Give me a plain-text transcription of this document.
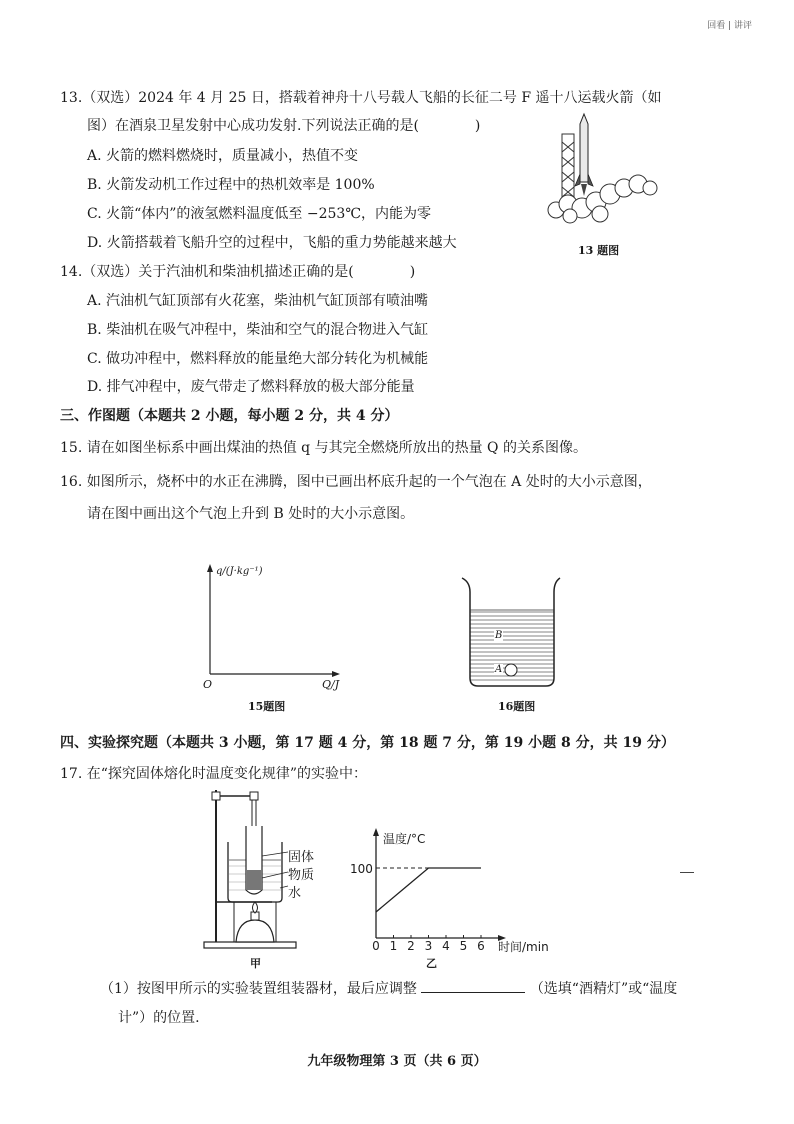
回看 | 讲评
13.（双选）2024 年 4 月 25 日，搭载着神舟十八号载人飞船的长征二号 F 遥十八运载火箭（如
图）在酒泉卫星发射中心成功发射.下列说法正确的是(　　　　)
A. 火箭的燃料燃烧时，质量减小，热值不变
B. 火箭发动机工作过程中的热机效率是 100%
C. 火箭“体内”的液氢燃料温度低至 −253℃，内能为零
D. 火箭搭载着飞船升空的过程中，飞船的重力势能越来越大	13 题图
14.（双选）关于汽油机和柴油机描述正确的是(　　　　)
A. 汽油机气缸顶部有火花塞，柴油机气缸顶部有喷油嘴
B. 柴油机在吸气冲程中，柴油和空气的混合物进入气缸
C. 做功冲程中，燃料释放的能量绝大部分转化为机械能
D. 排气冲程中，废气带走了燃料释放的极大部分能量
三、作图题（本题共 2 小题，每小题 2 分，共 4 分）
15. 请在如图坐标系中画出煤油的热值 q 与其完全燃烧所放出的热量 Q 的关系图像。
16. 如图所示，烧杯中的水正在沸腾，图中已画出杯底升起的一个气泡在 A 处时的大小示意图，
请在图中画出这个气泡上升到 B 处时的大小示意图。
q/(J·kg⁻¹)
Q/J
O
15题图
B
A
16题图
四、实验探究题（本题共 3 小题，第 17 题 4 分，第 18 题 7 分，第 19 小题 8 分，共 19 分）
17. 在“探究固体熔化时温度变化规律”的实验中：
固体
物质
水
甲
0 1 2 3 4 5 6
温度/°C
100
时间/min
乙
（1）按图甲所示的实验装置组装器材，最后应调整	（选填“酒精灯”或“温度
计”）的位置.
九年级物理第 3 页（共 6 页）
